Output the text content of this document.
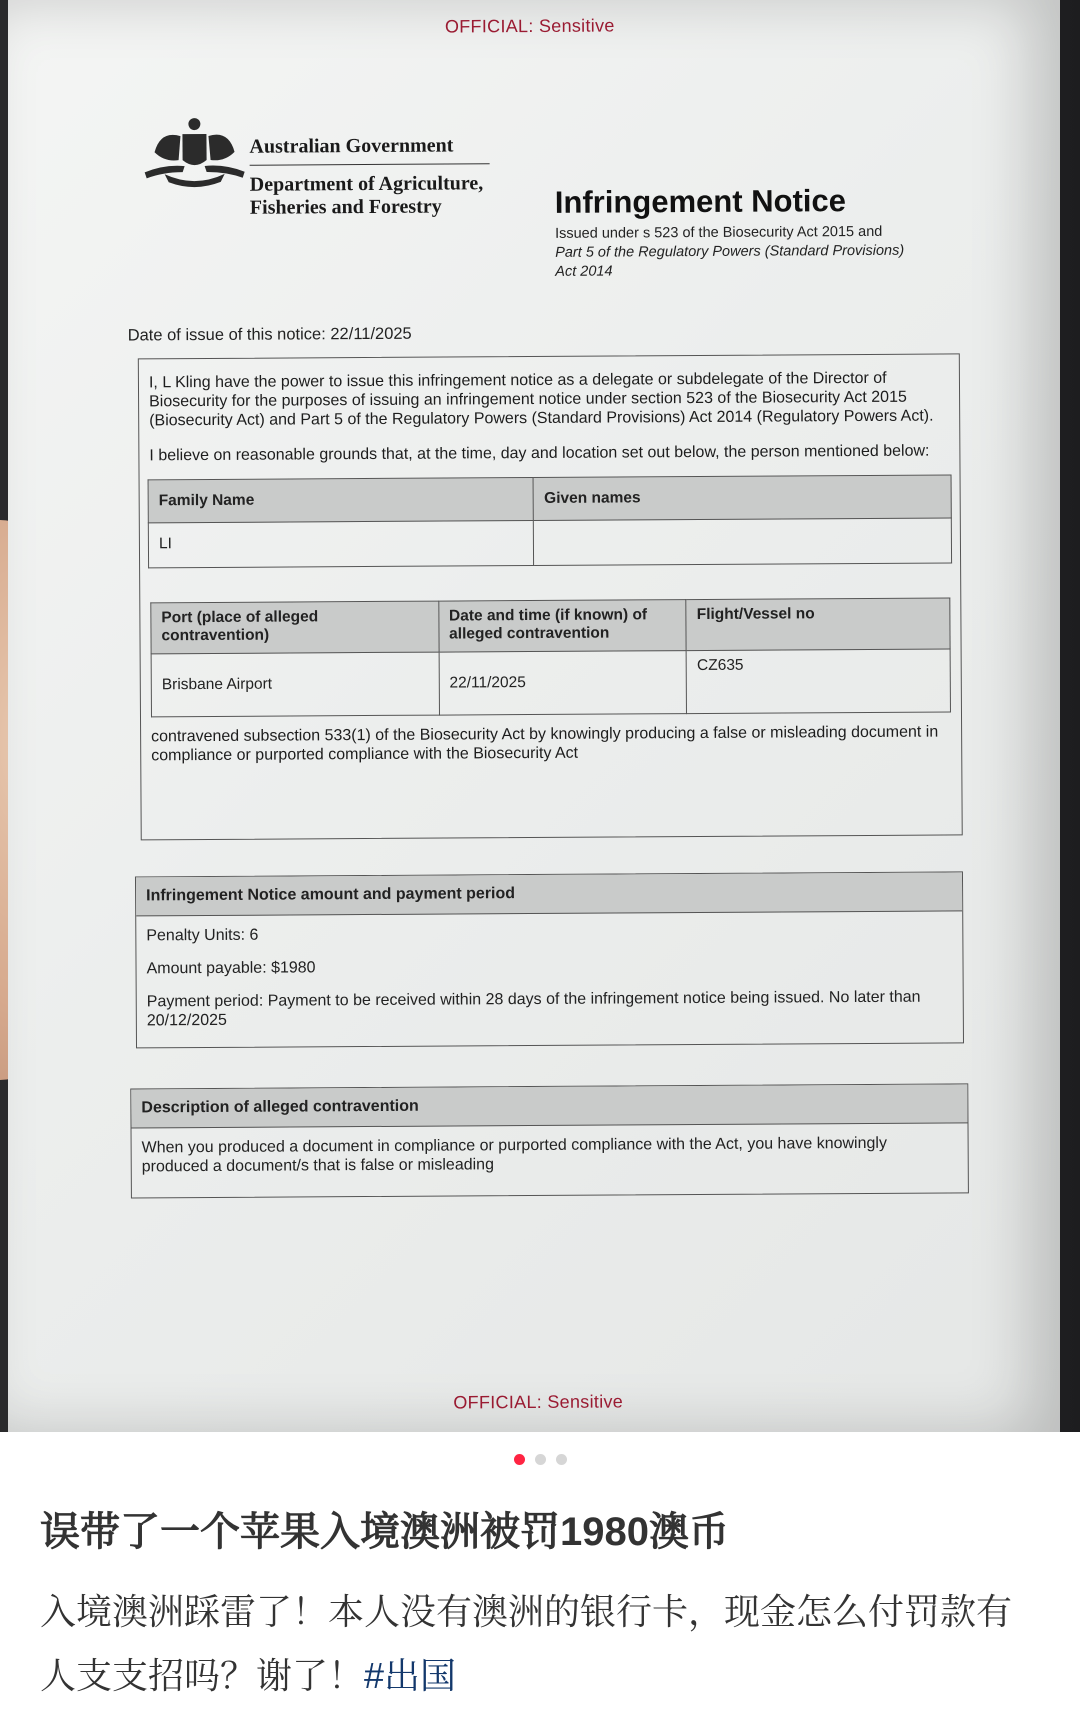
OFFICIAL: Sensitive
Australian Government
Department of Agriculture,
Fisheries and Forestry	Infringement Notice
Issued under s 523 of the Biosecurity Act 2015 and
Part 5 of the Regulatory Powers (Standard Provisions)
Act 2014
Date of issue of this notice: 22/11/2025
I, L Kling have the power to issue this infringement notice as a delegate or subdelegate of the Director of Biosecurity for the purposes of issuing an infringement notice under section 523 of the Biosecurity Act 2015 (Biosecurity Act) and Part 5 of the Regulatory Powers (Standard Provisions) Act 2014 (Regulatory Powers Act).
I believe on reasonable grounds that, at the time, day and location set out below, the person mentioned below:
Family Name	Given names
LI	
Port (place of alleged contravention)	Date and time (if known) of alleged contravention	Flight/Vessel no
Brisbane Airport	22/11/2025	CZ635
contravened subsection 533(1) of the Biosecurity Act by knowingly producing a false or misleading document in compliance or purported compliance with the Biosecurity Act
Infringement Notice amount and payment period
Penalty Units: 6
Amount payable: $1980
Payment period: Payment to be received within 28 days of the infringement notice being issued. No later than 20/12/2025
Description of alleged contravention
When you produced a document in compliance or purported compliance with the Act, you have knowingly produced a document/s that is false or misleading
OFFICIAL: Sensitive
误带了一个苹果入境澳洲被罚1980澳币
入境澳洲踩雷了！本人没有澳洲的银行卡，现金怎么付罚款有人支支招吗？谢了！#出国
